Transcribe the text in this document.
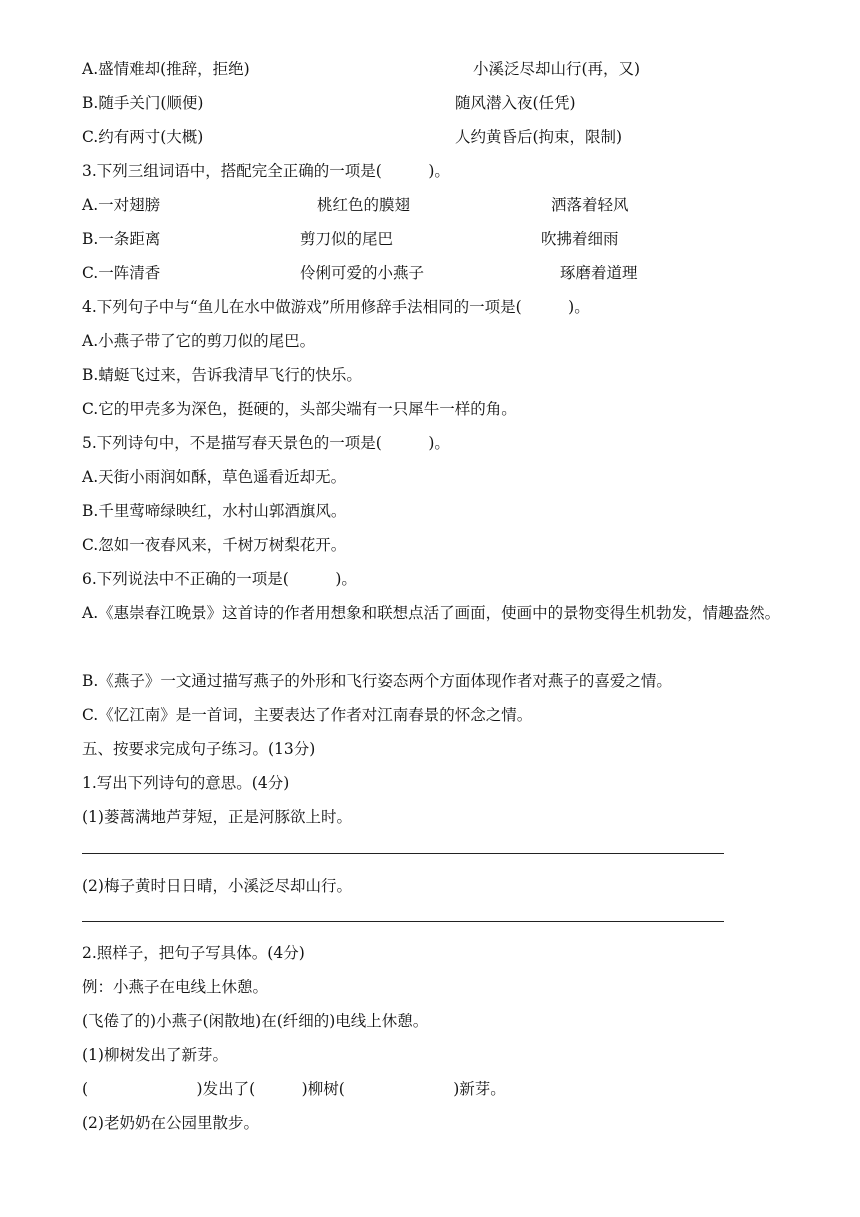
A.盛情难却(推辞，拒绝)	小溪泛尽却山行(再，又)
B.随手关门(顺便)	随风潜入夜(任凭)
C.约有两寸(大概)	人约黄昏后(拘束，限制)
3.下列三组词语中，搭配完全正确的一项是(　　　)。
A.一对翅膀	桃红色的膜翅	洒落着轻风
B.一条距离	剪刀似的尾巴	吹拂着细雨
C.一阵清香	伶俐可爱的小燕子	琢磨着道理
4.下列句子中与“鱼儿在水中做游戏”所用修辞手法相同的一项是(　　　)。
A.小燕子带了它的剪刀似的尾巴。
B.蜻蜓飞过来，告诉我清早飞行的快乐。
C.它的甲壳多为深色，挺硬的，头部尖端有一只犀牛一样的角。
5.下列诗句中，不是描写春天景色的一项是(　　　)。
A.天街小雨润如酥，草色遥看近却无。
B.千里莺啼绿映红，水村山郭酒旗风。
C.忽如一夜春风来，千树万树梨花开。
6.下列说法中不正确的一项是(　　　)。
A.《惠崇春江晚景》这首诗的作者用想象和联想点活了画面，使画中的景物变得生机勃发，情趣盎然。
B.《燕子》一文通过描写燕子的外形和飞行姿态两个方面体现作者对燕子的喜爱之情。
C.《忆江南》是一首词，主要表达了作者对江南春景的怀念之情。
五、按要求完成句子练习。(13分)
1.写出下列诗句的意思。(4分)
(1)蒌蒿满地芦芽短，正是河豚欲上时。
(2)梅子黄时日日晴，小溪泛尽却山行。
2.照样子，把句子写具体。(4分)
例：小燕子在电线上休憩。
(飞倦了的)小燕子(闲散地)在(纤细的)电线上休憩。
(1)柳树发出了新芽。
(　　　　　　　)发出了(　　　)柳树(　　　　　　　)新芽。
(2)老奶奶在公园里散步。
